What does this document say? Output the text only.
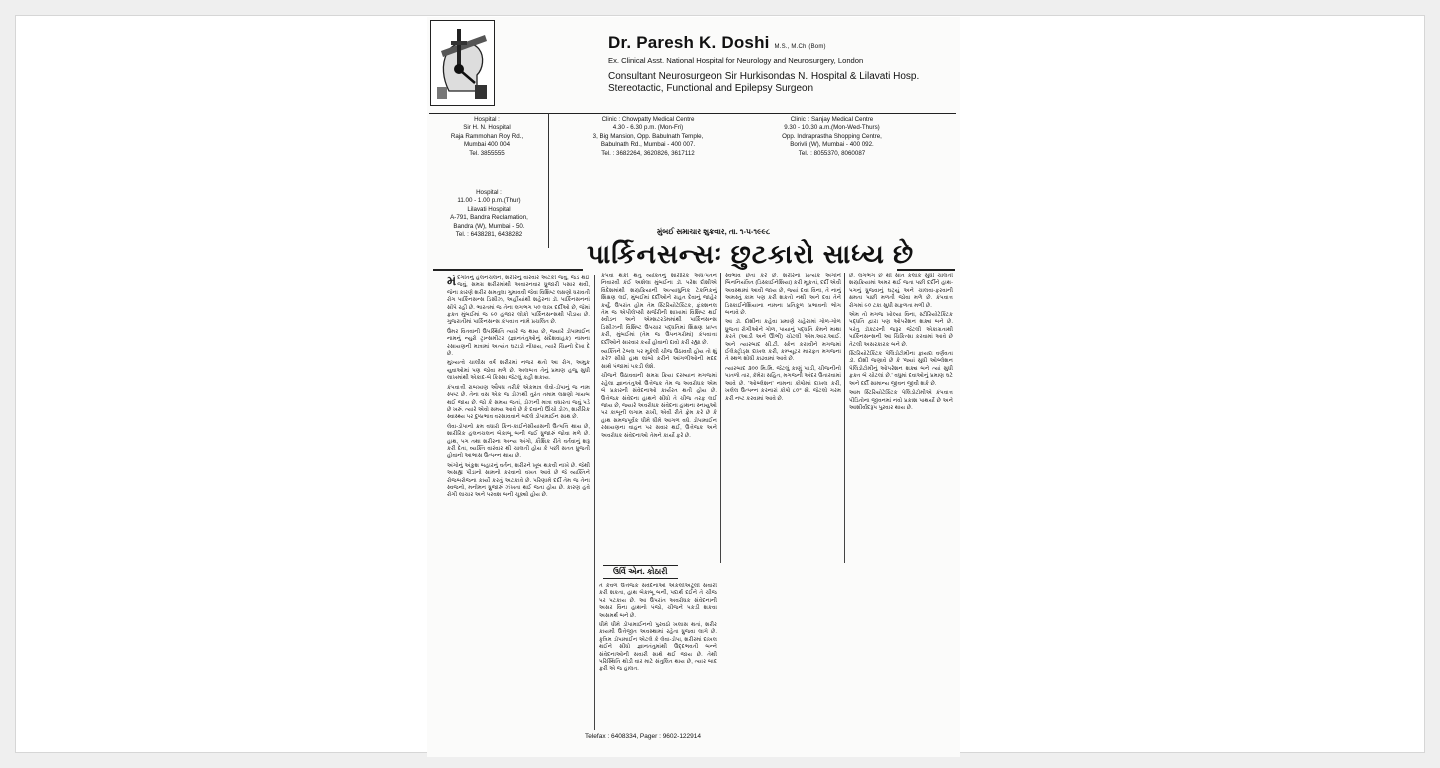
Dr. Paresh K. Doshi M.S., M.Ch (Bom)
Ex. Clinical Asst. National Hospital for Neurology and Neurosurgery, London
Consultant Neurosurgeon Sir Hurkisondas N. Hospital & Lilavati Hosp.
Stereotactic, Functional and Epilepsy Surgeon
Hospital :
Sir H. N. Hospital
Raja Rammohan Roy Rd.,
Mumbai 400 004
Tel. 3855555
Clinic : Chowpatty Medical Centre
4.30 - 6.30 p.m. (Mon-Fri)
3, Big Mansion, Opp. Babulnath Temple,
Babulnath Rd., Mumbai - 400 007.
Tel. : 3682264, 3620826, 3617112
Clinic : Sanjay Medical Centre
9.30 - 10.30 a.m.(Mon-Wed-Thurs)
Opp. Indraprastha Shopping Centre,
Borivli (W), Mumbai - 400 092.
Tel. : 8055370, 8060087
Hospital :
11.00 - 1.00 p.m.(Thur)
Lilavati Hospital
A-791, Bandra Reclamation,
Bandra (W), Mumbai - 50.
Tel. : 6438281, 6438282	મુંબઈ સમાચાર શુક્રવાર, તા. ૧-૫-૧૯૯૮
પાર્કિનસન્સઃ છુટકારો સાધ્ય છે

મંદગતિનું હલનચલન, શરીરનું વારંવાર અટકી જવું, જડ થઈ જવું, સમગ્ર શરીરમાંથી અવારનવાર ધ્રુજારી પસાર થવી, જેના કારણે શરીર સમતુલા ગુમાવવી જેવા વિશિષ્ટ લક્ષણો ધરાવતી રોગ પાર્કિનસન્સ ડિસીઝ, અહીંયાંથી શહેરના ડૉ. પાર્કિનસનનાં સોંપે રહી છે. ભારતમાં જ તેના લગભગ ૫૦ લાખ દર્દીઓ છે, જેમાં ફક્ત મુંબઈમાં જ ૯૦ હજાર લોકો પાર્કિનસન્સથી પીડાય છે. ગુજરાતીમાં પાર્કિનસન્સ કંપવાત્ત નામે પ્રચલિત છે.

ઉંમર વિતવાની ઉપસ્થિતિ ત્યારે જ થાય છે, જ્યારે ડોપામાઈન નામનું ન્યુરો ટ્રાન્સમીટર (જ્ઞાનતંતુઓનું સંદેશવાહક) નામના રસાયણની માત્રામાં અત્યંત ઘટાડો નોંધાય, ત્યારે ચિહ્નો દેખા દે છે.

મુખ્યત્વે ચાલીસ વર્ષ શરીરમાં નજર થતો આ રોગ, અમુક યુવાઓમાં પણ જોવા મળે છે. અલબત્ત તેનું પ્રમાણ હજુ સુધી લાખમાંથી એકાદ-બે કિસ્સા જેટલું કહી શકાય.

કંપવાત્તી રાબખાણ ઔષધ તરીકે એકમાત્ર લેવો-ડોપાનું જ નામ સ્પષ્ટ છે. તેના વસ એક જ ડોઝથી તુરંત તમામ લક્ષણો ગાયબ થઈ જાય છે. જો કે સમય જતાં, ડોઝની માત્રા વધારતા જવું પડે છે ખરું. ત્યારે એવો સમય આવે છે કે દવાનો ઊંચો ડોઝ, શારીરિક સ્વાસ્થ્ય પર દુષ્પ્રભાવ વરસાવવાને બદલે ડોપામાઈન સાથ છે.

લેવા-ડોપાનો ક્રમ વધારો કિન-કાઈનેસીયાસની ઉત્પત્તિ થાય છે, શારીરિક હલનચલન બેકાબૂ બની જઈ ધ્રુજારું જોવા મળે છે. હાથ, પગ તથા શરીરના અન્ય અંગો, કૌશિક રીતે વર્તવાનું શરૂ કરી દેતા, વ્યક્તિ વારંવાર થી ચાલતી હોય કે પછી સતત ધ્રુજતી હોવાનો આભાસ ઉત્પન્ન થાય છે.

અંગોનું અંકુશ બહારનું વર્તન, શરીરને ખૂબ થકવી નાખે છે. જેથી અસહ્ય પીડાનો સામનો કરવાનો વખત આવે છે જે વ્યક્તિને રોજબરોજના કાર્યો કરતું અટકાવે છે. પરિણામે દર્દી તેમ જ તેના સ્વજનો, મનોમન ધ્રુજારું ઝંખતા થઈ જતા હોય છે. કારણ હવે રોગી લાચાર અને પરવશ બની ચૂક્યો હોય છે.

કંપવા થકી થતું વ્યક્તિનું શારીરિક અધઃપતન નિવારવી કંઈ અશેલા મુંબઈના ડૉ. પરેશ દોશીએ વિદેશમાંથી શસ્ત્રક્રિયાની અત્યાધુનિક ટેકનિકનું શિક્ષણ લઈ, મુંબઈમાં દર્દીઓને રાહત દેવાનું જાહેર કર્યું. ઉપરાંત હોમ તેમ સ્ટિરિયોટેક્ટિક, ફંક્શનલ તેમ જ એપીલેપ્સી સર્જરીની શાખામાં વિશિષ્ટ થઈ સ્વીડન અને એમ્સટરડેમમાંથી પાર્કિનસન્સ ડિસીઝની વિશિષ્ટ ઉપચાર પદ્ધતિમાં શિક્ષણ પ્રાપ્ત કરી, મુંબઈમાં (તેમ જ ઉપનગરોમાં) કંપવાત્તા દર્દીઓને સારવાર કર્યો હોવાનો દાવો કરી રહ્યા છે.

વ્યક્તિને ટેબલ પર મૂકેલી ચીજ ઉઠાવવી હોય તો શું કરે? સીધો હાથ લાંબો કરીને આંગળીઓની મદદ સાથે પંજામાં પકડી લેશે.

ચીજને ઉઠાવવાની સમગ્ર ક્રિયા દરમ્યાન મગજમાં રહેલા જ્ઞાનતંતુઓ ઉત્તેજક તેમ જ અવરોધક એમ બે પ્રકારની સંવેદનાઓ કાર્યરત થતી હોય છે. ઉત્તેજક સંવેદના હાથને સીધો તે ચીજ તરફ લઈ જાય છે, જ્યારે અવરોધક સંવેદના હાથના સ્નાયુઓ પર કાબૂની લગામ રાખી, એવી રીતે ફ્રેમ કરે છે કે હાથ સમજપૂર્વક ધીમે ધીમે આગળ વધે. ડોપામાઈન રસાયણના વાહન પર સવાર થઈ, ઉત્તેજક અને અવરોધક સંવેદનાઓ તેમને કાર્યો ફરે છે.

ઉર્વિ એન. કોઠારી

તે કેવળ ઉત્તેજક સંવેદનાઓ એકલીઅટૂલી સવારી કરી શકતા, હાથ બેકાબૂ બની, પદાર્થ દઈને તે ચીજ પર પટકાય છે. આ ઉપરાંત અવરોધક સંવેદનાની અસર વિના હાથનો પંજો, ચીજને પકડી શકવા અસમર્થ બને છે.

ધીમે ધીમે ડોપામાઈનનો પુરવઠો ખલાસ થતાં, શરીર કાયમી ઉત્તેજીત અવસ્થામાં રહેતા ધ્રુજવા લાગે છે. કૃત્રિમ ડોપામાઈન એટલે કે લેવા-ડોપા, શરીરમાં દાખલ થઈને સીધો જ્ઞાનતંતુમાંથી ઉદ્દભવતી બન્ને સંવેદનાઓની સવારી સાથે થઈ જાય છે. તેથી પરિસ્થિતિ થોડી વાર માટે સંતુલિત થાય છે, ત્યાર બાદ ફરી એ જ હાલત.

સ્વભાવ છતાં કરે છે. શરીરના પ્રત્યેક અંગોને બિનનિયંત્રિત (ડિસ્કાઈનેશિયા) કરી મૂકતાં, દર્દી એવી અવસ્થામાં આવી જાય છે, જ્યાં દવા વિના, તે નાનું અમસ્તું કામ પણ કરી શકતો નથી અને દવા તેને ડિસ્કાઈનેશિયાના નામના પ્રતિકૂળ પ્રભાવનો ભોગ બનાવે છે.

આ ડૉ. દોશીના કહેવા પ્રમાણે ચહેરામાં ગોળ-ગોળ ધ્રુજતા રોગીઓને ગોળ, પાયાનું પદ્ધતિ કેમને માથા કરતે (આડી અને ઊભી) ચોટલી એમ.આર.આઈ. અને ત્યારબાદ સી.ટી. સ્કેન કરાવીને મગજમાં ઈલેક્ટ્રોડ્સ દાખલ કરી, કમ્પ્યૂટર મારફત મગજના તે સ્થળ શોધી કાઢવામાં આવે છે.

ત્યારબાદ ૩૦૦ મિ.મિ. જેટલું કાણું પાડી, ચીજનીનો પાતળો તાર, કૅમેરા સહિત, મગજની અંદર ઉતારવામાં આવે છે. 'ઓબ્લેશન' નામના કોષોમાં દાખલ કરી, ખલેલ ઉત્પન્ન કરનારાં કોષો ૮૦° સે. જેટલો ગરમ કરી નષ્ટ કરવામાં આવે છે.

છે. લગભગ છ થી સાત કલાક સુધી ચાલતી શસ્ત્રક્રિયામાં અમર થઈ જતા પછી દર્દીને હાથ-પગનું ધ્રુજવાનું ઘટ્યું અને ચાલવા-ફરવાની ક્ષમતા પાછી મળતી જોવા મળે છે. કંપવાત્ત રોગમાં ૯૦ ટકા સુધી સફળતા મળી છે.

એમ તો મગજ ખોલ્યા વિના, સ્ટીરિયોટેક્ટિક પદ્ધતિ દ્વારા પણ ઓપરેશન શક્ય બને છે. પરંતુ ડૉક્ટરની જરૂર જેટલી એકાગ્રતાથી પાર્કિનસન્સની આ ચિકિત્સા કરવામાં આવે છે તેટલી અસરકારક બને છે.

સ્ટિરિયોટેક્ટિક પેલિડોટોમીના ફાયદા વર્ણવતા ડૉ. દોશી જણાવે છે કે 'જ્યાં સુધી ઓબ્લેશન પેલિડોટોમીનું ઓપરેશન શક્ય બને ત્યાં સુધી ફક્ત બે ચોટલાં છે.' વધુમાં દવાઓનું પ્રમાણ ઘટે અને દર્દી સામાન્ય જીવન જીવી શકે છે.

આમ સ્ટિરિયોટેક્ટિક પેલિડોટોમીએ કંપવાત્ત પીડિતોના જીવનમાં નવો પ્રકાશ પાથર્યો છે અને આશીર્વાદરૂપ પુરવાર થાય છે.

Telefax : 6408334, Pager : 9602-122914
